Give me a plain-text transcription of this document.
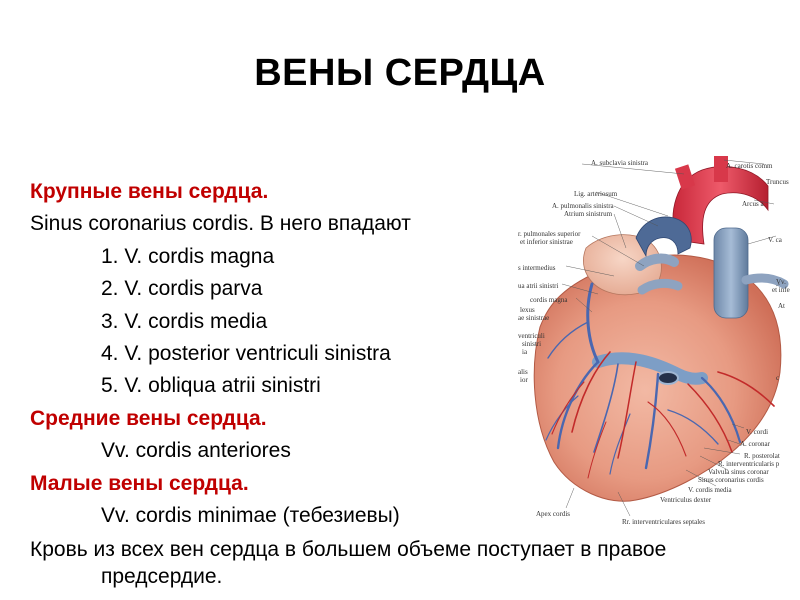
ВЕНЫ СЕРДЦА
Крупные вены сердца.
Sinus coronarius cordis. В него впадают
1. V. cordis magna
2. V. cordis parva
3. V. cordis media
4. V. posterior ventriculi sinistra
5. V. obliqua atrii sinistri
Средние вены сердца.
Vv. cordis anteriores
Малые вены сердца.
Vv. cordis minimae (тебезиевы)
Кровь из всех вен сердца в большем объеме поступает в правое предсердие.
A. subclavia sinistra	A. carotis comm
Truncus
Lig. arteriosum
A. pulmonalis sinistra
Atrium sinistrum
Arcus a
r. pulmonales superior
et inferior sinistrae	V. ca
s intermedius
ua atrii sinistri	Vv.
et infe
cordis magna
lexus
ae sinistrae
At
ventriculi
sinistri
ia
alis
ior	c
V. cordi
A. coronar
R. posterolat
R. interventricularis p
Valvula sinus coronar
Sinus coronarius cordis
V. cordis media
Ventriculus dexter
Apex cordis
Rr. interventriculares septales
